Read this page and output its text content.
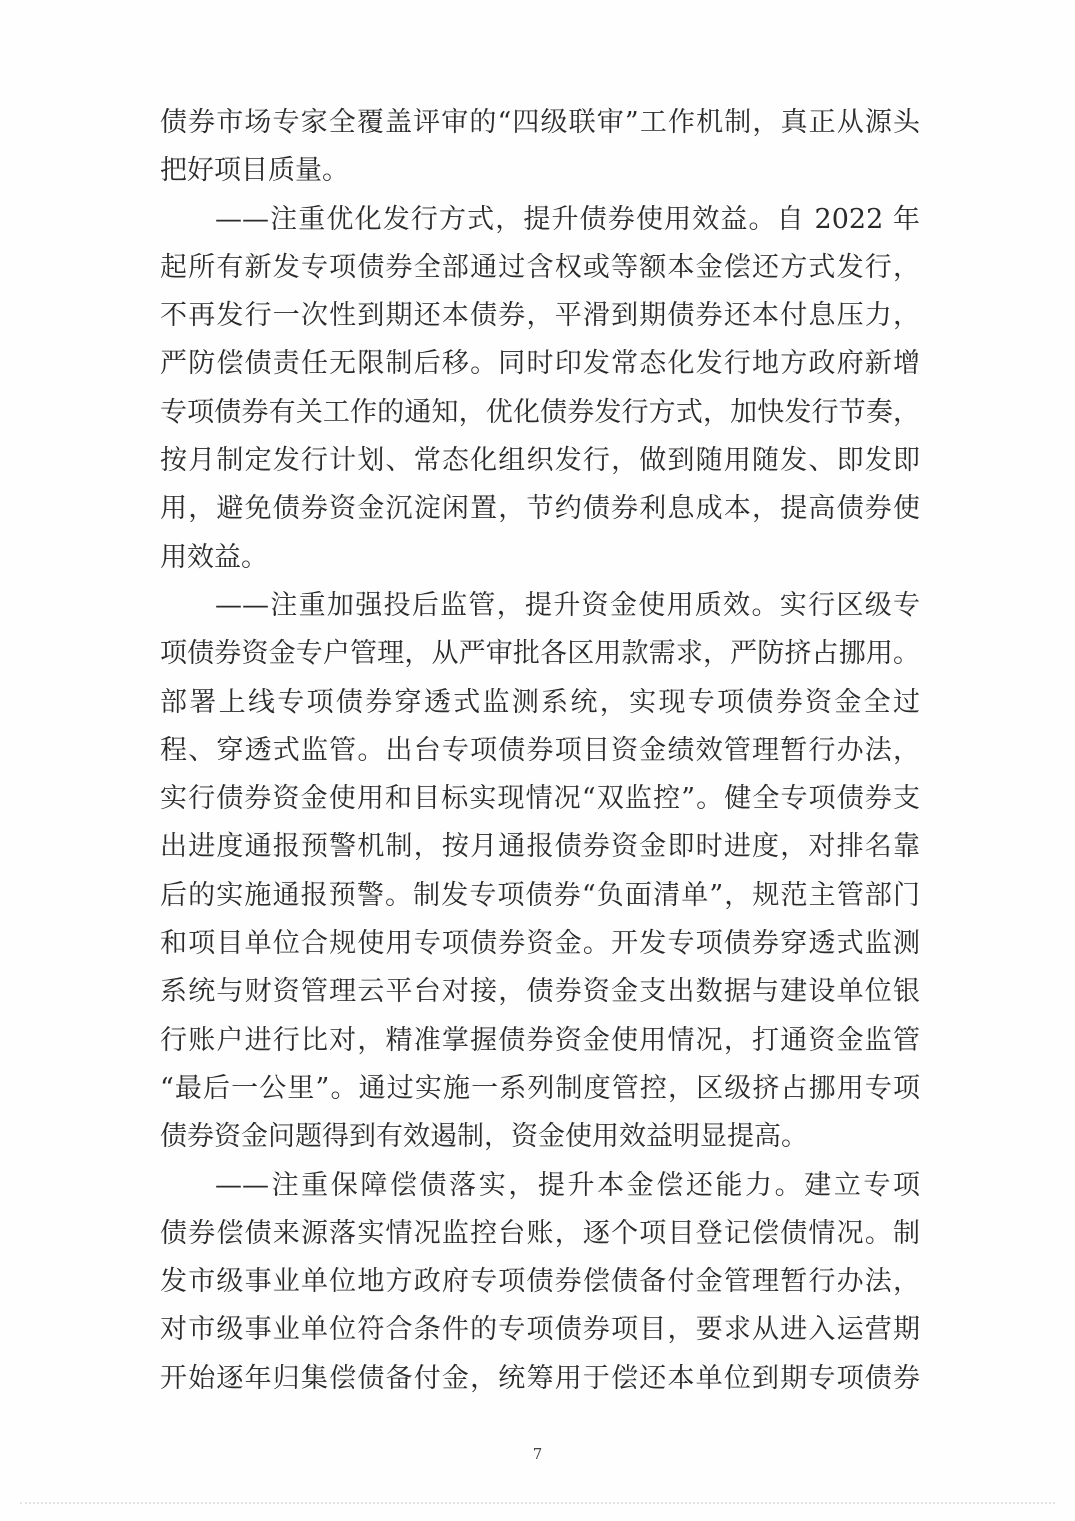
债券市场专家全覆盖评审的“四级联审”工作机制，真正从源头
把好项目质量。
——注重优化发行方式，提升债券使用效益。自 2022 年
起所有新发专项债券全部通过含权或等额本金偿还方式发行，
不再发行一次性到期还本债券，平滑到期债券还本付息压力，
严防偿债责任无限制后移。同时印发常态化发行地方政府新增
专项债券有关工作的通知，优化债券发行方式，加快发行节奏，
按月制定发行计划、常态化组织发行，做到随用随发、即发即
用，避免债券资金沉淀闲置，节约债券利息成本，提高债券使
用效益。
——注重加强投后监管，提升资金使用质效。实行区级专
项债券资金专户管理，从严审批各区用款需求，严防挤占挪用。
部署上线专项债券穿透式监测系统，实现专项债券资金全过
程、穿透式监管。出台专项债券项目资金绩效管理暂行办法，
实行债券资金使用和目标实现情况“双监控”。健全专项债券支
出进度通报预警机制，按月通报债券资金即时进度，对排名靠
后的实施通报预警。制发专项债券“负面清单”，规范主管部门
和项目单位合规使用专项债券资金。开发专项债券穿透式监测
系统与财资管理云平台对接，债券资金支出数据与建设单位银
行账户进行比对，精准掌握债券资金使用情况，打通资金监管
“最后一公里”。通过实施一系列制度管控，区级挤占挪用专项
债券资金问题得到有效遏制，资金使用效益明显提高。
——注重保障偿债落实，提升本金偿还能力。建立专项
债券偿债来源落实情况监控台账，逐个项目登记偿债情况。制
发市级事业单位地方政府专项债券偿债备付金管理暂行办法，
对市级事业单位符合条件的专项债券项目，要求从进入运营期
开始逐年归集偿债备付金，统筹用于偿还本单位到期专项债券
7
